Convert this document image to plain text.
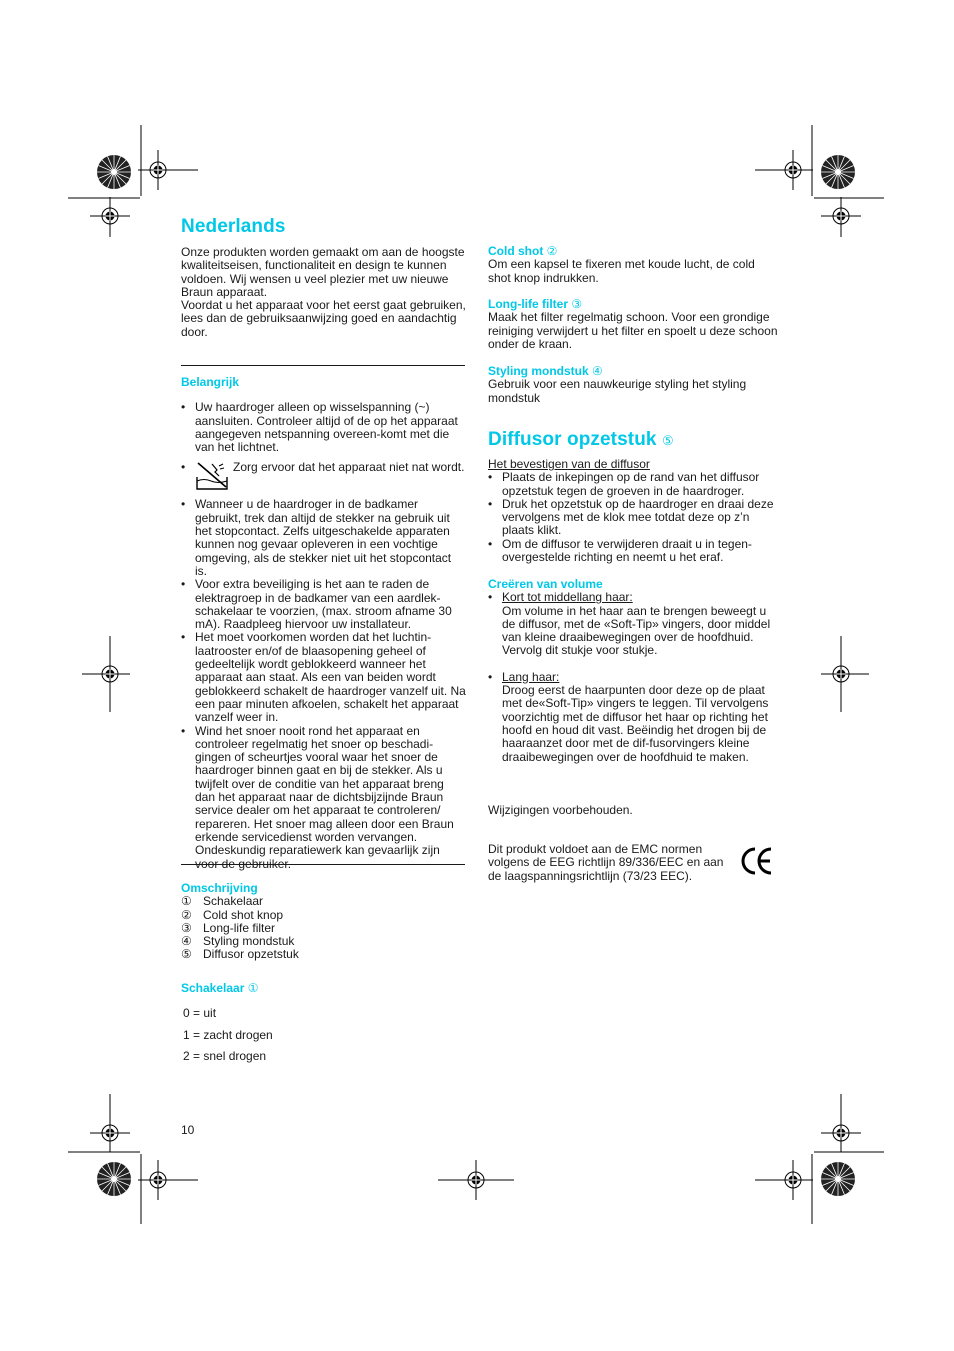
Nederlands

Onze produkten worden gemaakt om aan de hoogste kwaliteitseisen, functionaliteit en design te kunnen voldoen. Wij wensen u veel plezier met uw nieuwe Braun apparaat.

Voordat u het apparaat voor het eerst gaat gebruiken, lees dan de gebruiksaanwijzing goed en aandachtig door.

Belangrijk
• Uw haardroger alleen op wisselspanning (~) aansluiten. Controleer altijd of de op het apparaat aangegeven netspanning overeen-komt met die van het lichtnet.
•	Zorg ervoor dat het apparaat niet nat wordt.
• Wanneer u de haardroger in de badkamer gebruikt, trek dan altijd de stekker na gebruik uit het stopcontact. Zelfs uitgeschakelde apparaten kunnen nog gevaar opleveren in een vochtige omgeving, als de stekker niet uit het stopcontact is.
• Voor extra beveiliging is het aan te raden de elektragroep in de badkamer van een aardlek-schakelaar te voorzien, (max. stroom afname 30 mA). Raadpleeg hiervoor uw installateur.
• Het moet voorkomen worden dat het luchtin-laatrooster en/of de blaasopening geheel of gedeeltelijk wordt geblokkeerd wanneer het apparaat aan staat. Als een van beiden wordt geblokkeerd schakelt de haardroger vanzelf uit. Na een paar minuten afkoelen, schakelt het apparaat vanzelf weer in.
• Wind het snoer nooit rond het apparaat en controleer regelmatig het snoer op beschadi-gingen of scheurtjes vooral waar het snoer de haardroger binnen gaat en bij de stekker. Als u twijfelt over de conditie van het apparaat breng dan het apparaat naar de dichtsbijzijnde Braun service dealer om het apparaat te controleren/ repareren. Het snoer mag alleen door een Braun erkende servicedienst worden vervangen. Ondeskundig reparatiewerk kan gevaarlijk zijn voor de gebruiker.
Omschrijving
① Schakelaar
② Cold shot knop
③ Long-life filter
④ Styling mondstuk
⑤ Diffusor opzetstuk
Schakelaar ①
0 = uit
1 = zacht drogen
2 = snel drogen
10
Cold shot ②

Om een kapsel te fixeren met koude lucht, de cold shot knop indrukken.

Long-life filter ③

Maak het filter regelmatig schoon. Voor een grondige reiniging verwijdert u het filter en spoelt u deze schoon onder de kraan.

Styling mondstuk ④

Gebruik voor een nauwkeurige styling het styling mondstuk

Diffusor opzetstuk ⑤

Het bevestigen van de diffusor

• Plaats de inkepingen op de rand van het diffusor opzetstuk tegen de groeven in de haardroger.
• Druk het opzetstuk op de haardroger en draai deze vervolgens met de klok mee totdat deze op z’n plaats klikt.
• Om de diffusor te verwijderen draait u in tegen-overgestelde richting en neemt u het eraf.
Creëren van volume
• Kort tot middellang haar:
Om volume in het haar aan te brengen beweegt u de diffusor, met de «Soft-Tip» vingers, door middel van kleine draaibewegingen over de hoofdhuid. Vervolg dit stukje voor stukje.
• Lang haar:
Droog eerst de haarpunten door deze op de plaat met de«Soft-Tip» vingers te leggen. Til vervolgens voorzichtig met de diffusor het haar op richting het hoofd en houd dit vast. Beëindig het drogen bij de haaraanzet door met de dif-fusorvingers kleine draaibewegingen over de hoofdhuid te maken.
Wijzigingen voorbehouden.
Dit produkt voldoet aan de EMC normen volgens de EEG richtlijn 89/336/EEC en aan de laagspanningsrichtlijn (73/23 EEC).
